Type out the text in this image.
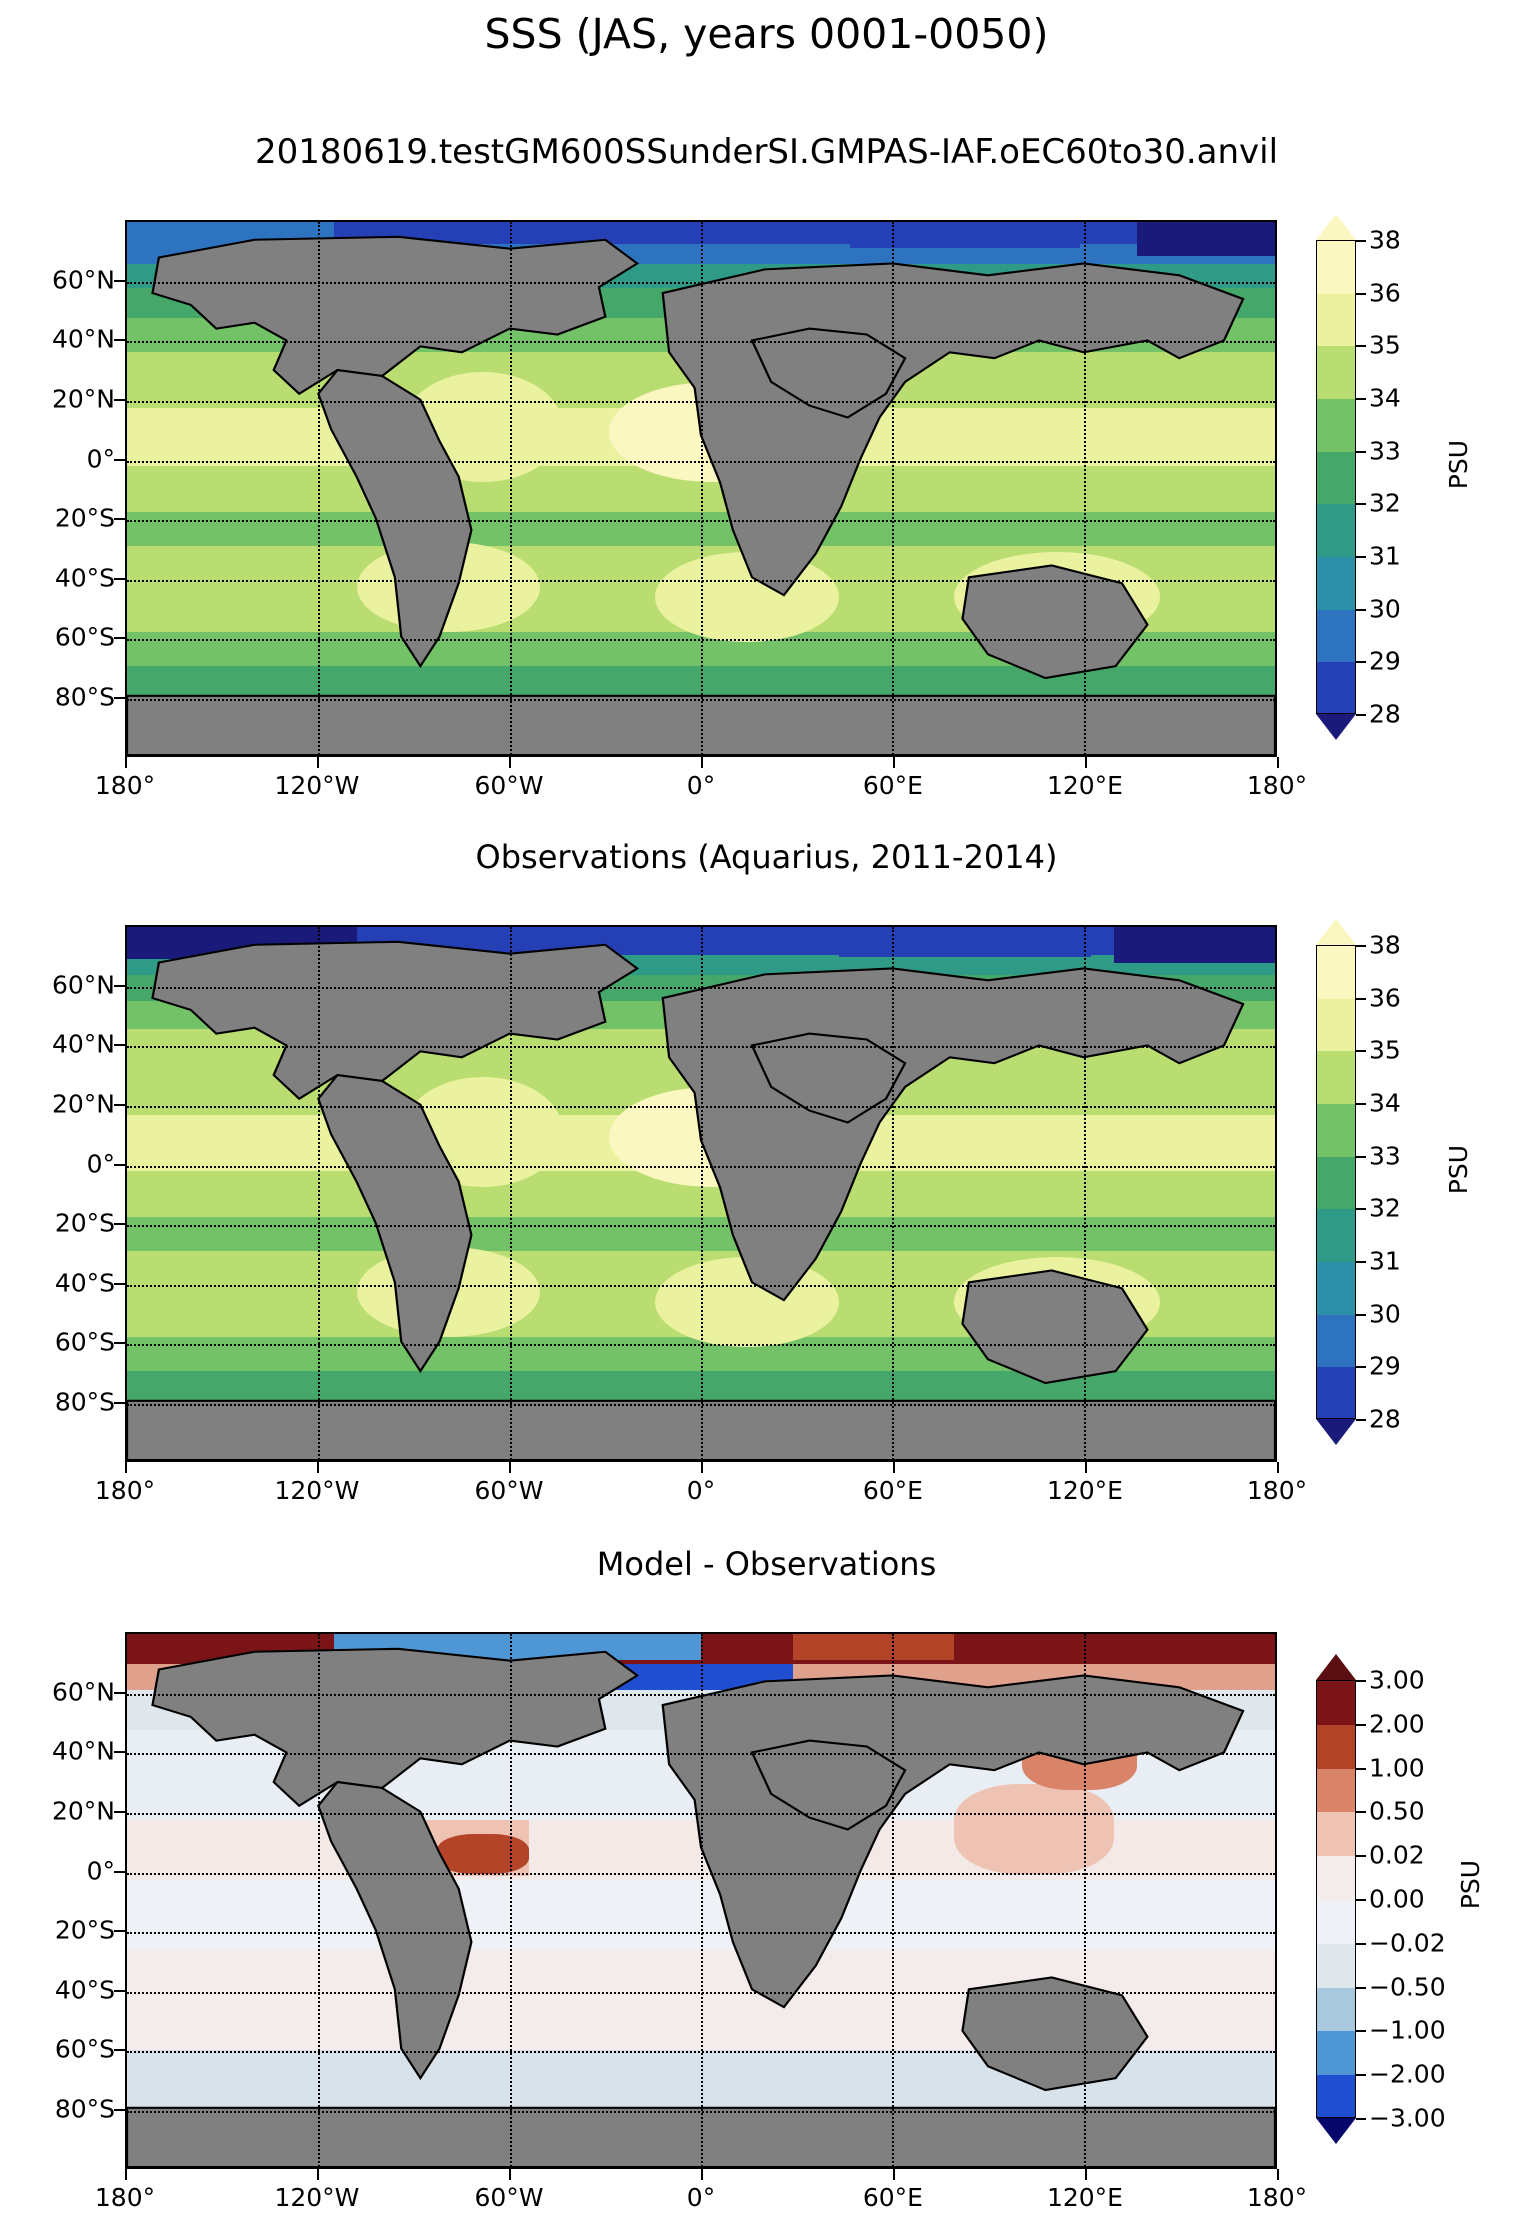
SSS (JAS, years 0001-0050)
20180619.testGM600SSunderSI.GMPAS-IAF.oEC60to30.anvil
60°N
40°N
20°N
0°
20°S
40°S
60°S
80°S
180°	120°W	60°W	0°	60°E	120°E	180°
38
36
35
34
33
32
31
30
29
28
PSU
Observations (Aquarius, 2011-2014)
60°N
40°N
20°N
0°
20°S
40°S
60°S
80°S
180°	120°W	60°W	0°	60°E	120°E	180°
38
36
35
34
33
32
31
30
29
28
PSU
Model - Observations
60°N
40°N
20°N
0°
20°S
40°S
60°S
80°S
180°	120°W	60°W	0°	60°E	120°E	180°
3.00
2.00
1.00
0.50
0.02
0.00
−0.02
−0.50
−1.00
−2.00
−3.00
PSU
